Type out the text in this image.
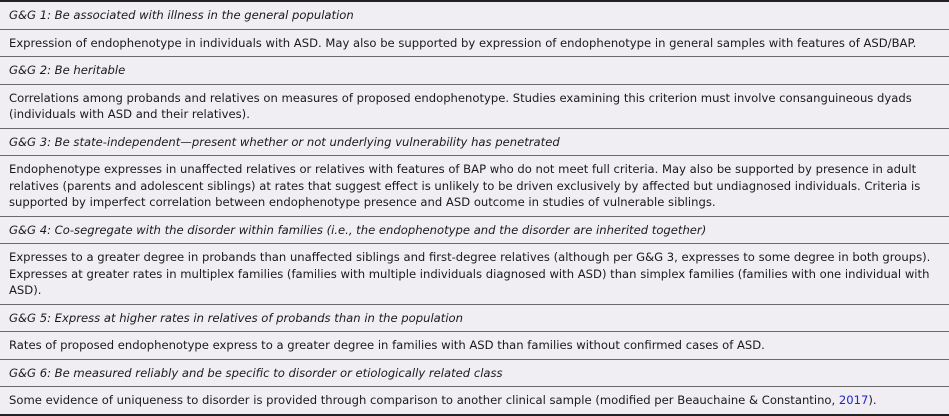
G&G 1: Be associated with illness in the general population
Expression of endophenotype in individuals with ASD. May also be supported by expression of endophenotype in general samples with features of ASD/BAP.
G&G 2: Be heritable
Correlations among probands and relatives on measures of proposed endophenotype. Studies examining this criterion must involve consanguineous dyads (individuals with ASD and their relatives).
G&G 3: Be state-independent—present whether or not underlying vulnerability has penetrated
Endophenotype expresses in unaffected relatives or relatives with features of BAP who do not meet full criteria. May also be supported by presence in adult relatives (parents and adolescent siblings) at rates that suggest effect is unlikely to be driven exclusively by affected but undiagnosed individuals. Criteria is supported by imperfect correlation between endophenotype presence and ASD outcome in studies of vulnerable siblings.
G&G 4: Co-segregate with the disorder within families (i.e., the endophenotype and the disorder are inherited together)
Expresses to a greater degree in probands than unaffected siblings and first-degree relatives (although per G&G 3, expresses to some degree in both groups). Expresses at greater rates in multiplex families (families with multiple individuals diagnosed with ASD) than simplex families (families with one individual with ASD).
G&G 5: Express at higher rates in relatives of probands than in the population
Rates of proposed endophenotype express to a greater degree in families with ASD than families without confirmed cases of ASD.
G&G 6: Be measured reliably and be specific to disorder or etiologically related class
Some evidence of uniqueness to disorder is provided through comparison to another clinical sample (modified per Beauchaine & Constantino, 2017).
